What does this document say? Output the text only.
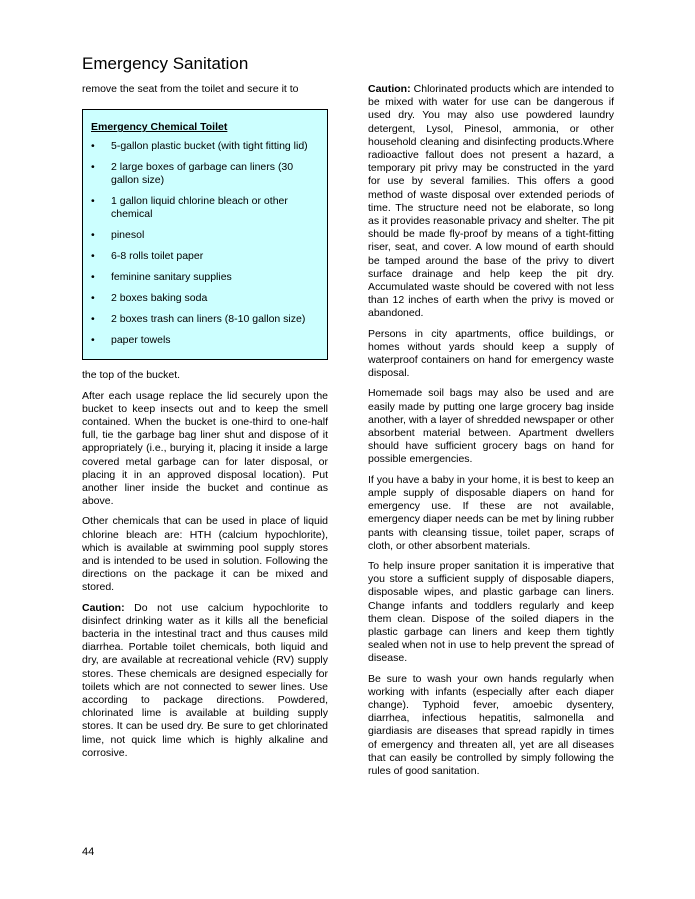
Emergency Sanitation

remove the seat from the toilet and secure it to

Emergency Chemical Toilet
• 5-gallon plastic bucket (with tight fitting lid)
• 2 large boxes of garbage can liners (30 gallon size)
• 1 gallon liquid chlorine bleach or other chemical
• pinesol
• 6-8 rolls toilet paper
• feminine sanitary supplies
• 2 boxes baking soda
• 2 boxes trash can liners (8-10 gallon size)
• paper towels

the top of the bucket.

After each usage replace the lid securely upon the bucket to keep insects out and to keep the smell contained. When the bucket is one-third to one-half full, tie the garbage bag liner shut and dispose of it appropriately (i.e., burying it, placing it inside a large covered metal garbage can for later disposal, or placing it in an approved disposal location). Put another liner inside the bucket and continue as above.

Other chemicals that can be used in place of liquid chlorine bleach are: HTH (calcium hypochlorite), which is available at swimming pool supply stores and is intended to be used in solution. Following the directions on the package it can be mixed and stored.

Caution: Do not use calcium hypochlorite to disinfect drinking water as it kills all the beneficial bacteria in the intestinal tract and thus causes mild diarrhea. Portable toilet chemicals, both liquid and dry, are available at recreational vehicle (RV) supply stores. These chemicals are designed especially for toilets which are not connected to sewer lines. Use according to package directions. Powdered, chlorinated lime is available at building supply stores. It can be used dry. Be sure to get chlorinated lime, not quick lime which is highly alkaline and corrosive.

Caution: Chlorinated products which are intended to be mixed with water for use can be dangerous if used dry. You may also use powdered laundry detergent, Lysol, Pinesol, ammonia, or other household cleaning and disinfecting products.Where radioactive fallout does not present a hazard, a temporary pit privy may be constructed in the yard for use by several families. This offers a good method of waste disposal over extended periods of time. The structure need not be elaborate, so long as it provides reasonable privacy and shelter. The pit should be made fly-proof by means of a tight-fitting riser, seat, and cover. A low mound of earth should be tamped around the base of the privy to divert surface drainage and help keep the pit dry. Accumulated waste should be covered with not less than 12 inches of earth when the privy is moved or abandoned.

Persons in city apartments, office buildings, or homes without yards should keep a supply of waterproof containers on hand for emergency waste disposal.

Homemade soil bags may also be used and are easily made by putting one large grocery bag inside another, with a layer of shredded newspaper or other absorbent material between. Apartment dwellers should have sufficient grocery bags on hand for possible emergencies.

If you have a baby in your home, it is best to keep an ample supply of disposable diapers on hand for emergency use. If these are not available, emergency diaper needs can be met by lining rubber pants with cleansing tissue, toilet paper, scraps of cloth, or other absorbent materials.

To help insure proper sanitation it is imperative that you store a sufficient supply of disposable diapers, disposable wipes, and plastic garbage can liners. Change infants and toddlers regularly and keep them clean. Dispose of the soiled diapers in the plastic garbage can liners and keep them tightly sealed when not in use to help prevent the spread of disease.

Be sure to wash your own hands regularly when working with infants (especially after each diaper change). Typhoid fever, amoebic dysentery, diarrhea, infectious hepatitis, salmonella and giardiasis are diseases that spread rapidly in times of emergency and threaten all, yet are all diseases that can easily be controlled by simply following the rules of good sanitation.

44
